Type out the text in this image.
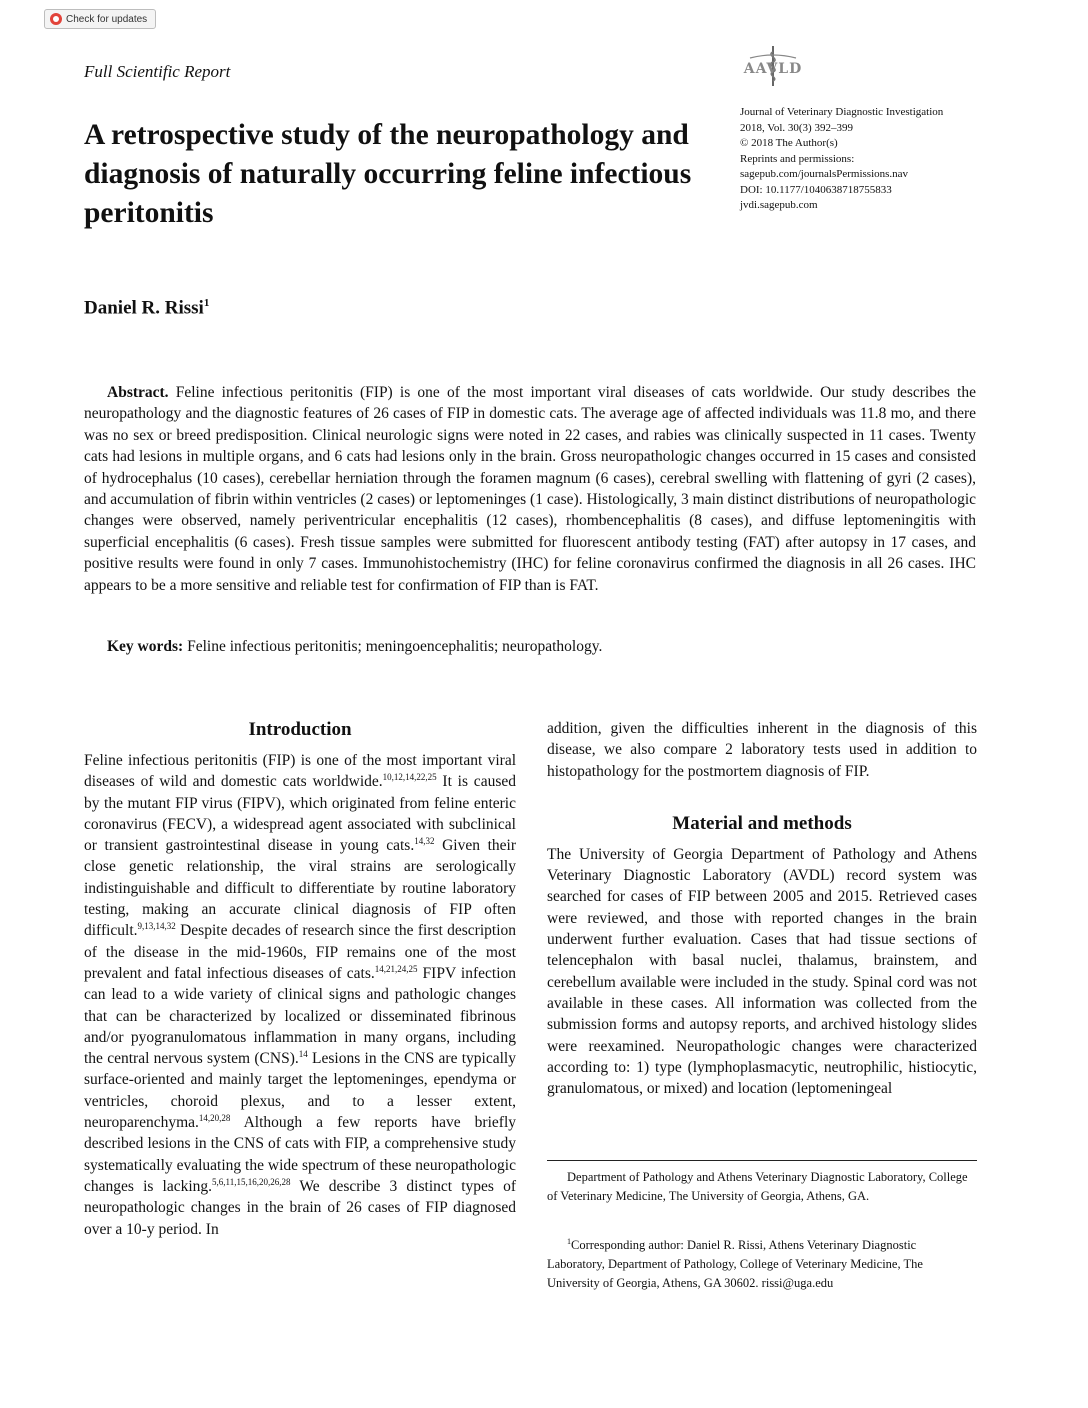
Check for updates
Full Scientific Report	AAVLD
Journal of Veterinary Diagnostic Investigation
2018, Vol. 30(3) 392–399
© 2018 The Author(s)
Reprints and permissions:
sagepub.com/journalsPermissions.nav
DOI: 10.1177/1040638718755833
jvdi.sagepub.com
A retrospective study of the neuropathology and diagnosis of naturally occurring feline infectious peritonitis
Daniel R. Rissi$^1$

Abstract. Feline infectious peritonitis (FIP) is one of the most important viral diseases of cats worldwide. Our study describes the neuropathology and the diagnostic features of 26 cases of FIP in domestic cats. The average age of affected individuals was 11.8 mo, and there was no sex or breed predisposition. Clinical neurologic signs were noted in 22 cases, and rabies was clinically suspected in 11 cases. Twenty cats had lesions in multiple organs, and 6 cats had lesions only in the brain. Gross neuropathologic changes occurred in 15 cases and consisted of hydrocephalus (10 cases), cerebellar herniation through the foramen magnum (6 cases), cerebral swelling with flattening of gyri (2 cases), and accumulation of fibrin within ventricles (2 cases) or leptomeninges (1 case). Histologically, 3 main distinct distributions of neuropathologic changes were observed, namely periventricular encephalitis (12 cases), rhombencephalitis (8 cases), and diffuse leptomeningitis with superficial encephalitis (6 cases). Fresh tissue samples were submitted for fluorescent antibody testing (FAT) after autopsy in 17 cases, and positive results were found in only 7 cases. Immunohistochemistry (IHC) for feline coronavirus confirmed the diagnosis in all 26 cases. IHC appears to be a more sensitive and reliable test for confirmation of FIP than is FAT.

Key words: Feline infectious peritonitis; meningoencephalitis; neuropathology.
Introduction

Feline infectious peritonitis (FIP) is one of the most important viral diseases of wild and domestic cats worldwide.$^{10,12,14,22,25}$ It is caused by the mutant FIP virus (FIPV), which originated from feline enteric coronavirus (FECV), a widespread agent associated with subclinical or transient gastrointestinal disease in young cats.$^{14,32}$ Given their close genetic relationship, the viral strains are serologically indistinguishable and difficult to differentiate by routine laboratory testing, making an accurate clinical diagnosis of FIP often difficult.$^{9,13,14,32}$ Despite decades of research since the first description of the disease in the mid-1960s, FIP remains one of the most prevalent and fatal infectious diseases of cats.$^{14,21,24,25}$ FIPV infection can lead to a wide variety of clinical signs and pathologic changes that can be characterized by localized or disseminated fibrinous and/or pyogranulomatous inflammation in many organs, including the central nervous system (CNS).$^{14}$ Lesions in the CNS are typically surface-oriented and mainly target the leptomeninges, ependyma or ventricles, choroid plexus, and to a lesser extent, neuroparenchyma.$^{14,20,28}$ Although a few reports have briefly described lesions in the CNS of cats with FIP, a comprehensive study systematically evaluating the wide spectrum of these neuropathologic changes is lacking.$^{5,6,11,15,16,20,26,28}$ We describe 3 distinct types of neuropathologic changes in the brain of 26 cases of FIP diagnosed over a 10-y period. In

addition, given the difficulties inherent in the diagnosis of this disease, we also compare 2 laboratory tests used in addition to histopathology for the postmortem diagnosis of FIP.

Material and methods

The University of Georgia Department of Pathology and Athens Veterinary Diagnostic Laboratory (AVDL) record system was searched for cases of FIP between 2005 and 2015. Retrieved cases were reviewed, and those with reported changes in the brain underwent further evaluation. Cases that had tissue sections of telencephalon with basal nuclei, thalamus, brainstem, and cerebellum available were included in the study. Spinal cord was not available in these cases. All information was collected from the submission forms and autopsy reports, and archived histology slides were reexamined. Neuropathologic changes were characterized according to: 1) type (lymphoplasmacytic, neutrophilic, histiocytic, granulomatous, or mixed) and location (leptomeningeal

Department of Pathology and Athens Veterinary Diagnostic Laboratory, College of Veterinary Medicine, The University of Georgia, Athens, GA.

$^1$Corresponding author: Daniel R. Rissi, Athens Veterinary Diagnostic Laboratory, Department of Pathology, College of Veterinary Medicine, The University of Georgia, Athens, GA 30602. rissi@uga.edu
